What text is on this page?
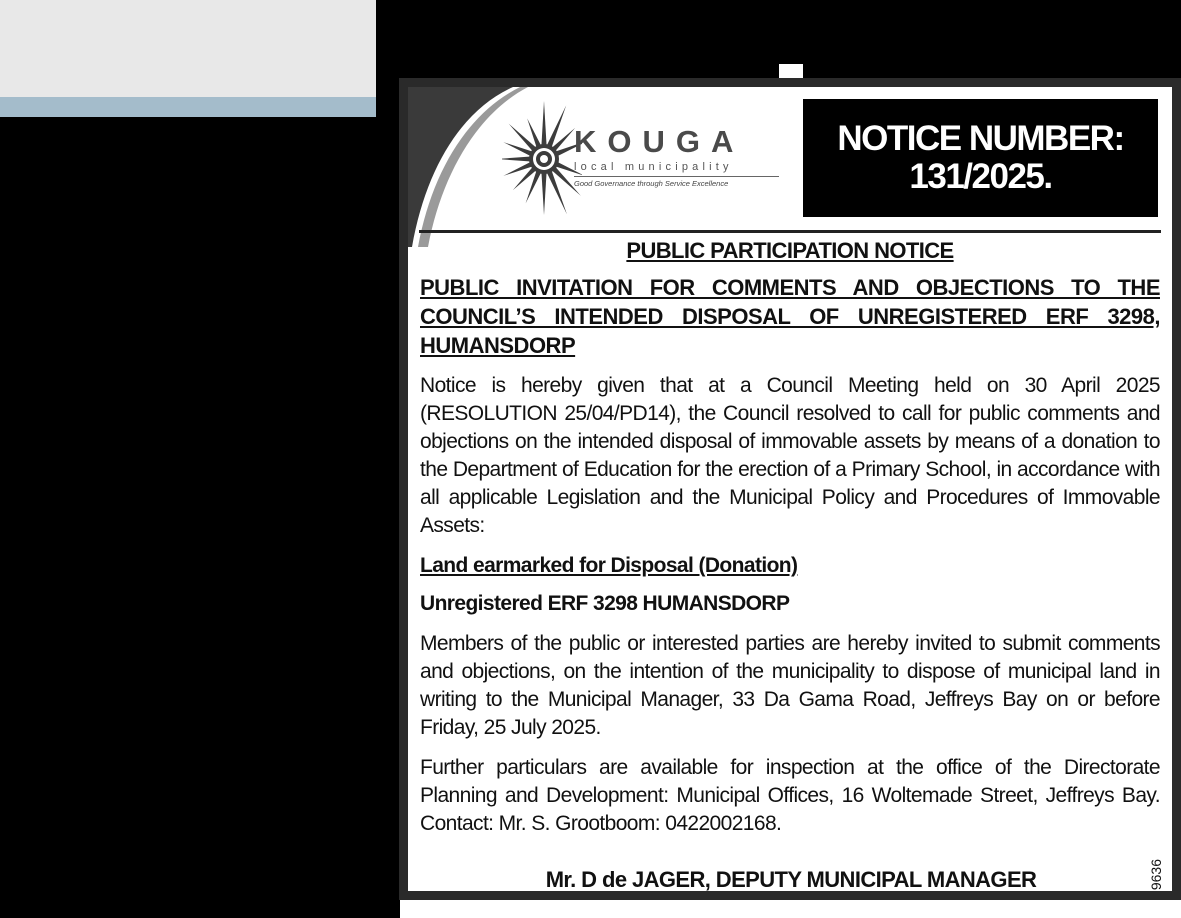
KOUGA
local municipality
Good Governance through Service Excellence
NOTICE NUMBER:
131/2025.

PUBLIC PARTICIPATION NOTICE

PUBLIC INVITATION FOR COMMENTS AND OBJECTIONS TO THE COUNCIL’S INTENDED DISPOSAL OF UNREGISTERED ERF 3298, HUMANSDORP

Notice is hereby given that at a Council Meeting held on 30 April 2025 (RESOLUTION 25/04/PD14), the Council resolved to call for public comments and objections on the intended disposal of immovable assets by means of a donation to the Department of Education for the erection of a Primary School, in accordance with all applicable Legislation and the Municipal Policy and Procedures of Immovable Assets:

Land earmarked for Disposal (Donation)

Unregistered ERF 3298 HUMANSDORP

Members of the public or interested parties are hereby invited to submit comments and objections, on the intention of the municipality to dispose of municipal land in writing to the Municipal Manager, 33 Da Gama Road, Jeffreys Bay on or before Friday, 25 July 2025.

Further particulars are available for inspection at the office of the Directorate Planning and Development: Municipal Offices, 16 Woltemade Street, Jeffreys Bay. Contact: Mr. S. Grootboom: 0422002168.

Mr. D de JAGER, DEPUTY MUNICIPAL MANAGER	9636
